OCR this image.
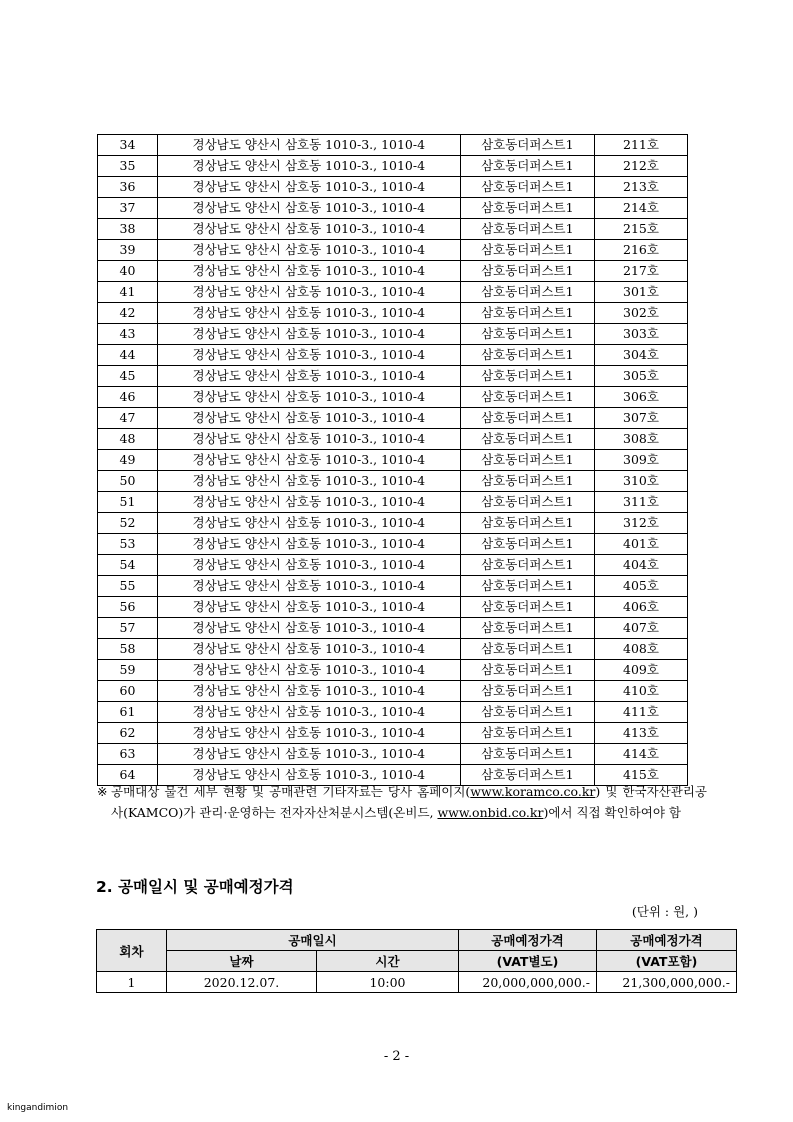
34	경상남도 양산시 삼호동 1010-3., 1010-4	삼호동더퍼스트1	211호
35	경상남도 양산시 삼호동 1010-3., 1010-4	삼호동더퍼스트1	212호
36	경상남도 양산시 삼호동 1010-3., 1010-4	삼호동더퍼스트1	213호
37	경상남도 양산시 삼호동 1010-3., 1010-4	삼호동더퍼스트1	214호
38	경상남도 양산시 삼호동 1010-3., 1010-4	삼호동더퍼스트1	215호
39	경상남도 양산시 삼호동 1010-3., 1010-4	삼호동더퍼스트1	216호
40	경상남도 양산시 삼호동 1010-3., 1010-4	삼호동더퍼스트1	217호
41	경상남도 양산시 삼호동 1010-3., 1010-4	삼호동더퍼스트1	301호
42	경상남도 양산시 삼호동 1010-3., 1010-4	삼호동더퍼스트1	302호
43	경상남도 양산시 삼호동 1010-3., 1010-4	삼호동더퍼스트1	303호
44	경상남도 양산시 삼호동 1010-3., 1010-4	삼호동더퍼스트1	304호
45	경상남도 양산시 삼호동 1010-3., 1010-4	삼호동더퍼스트1	305호
46	경상남도 양산시 삼호동 1010-3., 1010-4	삼호동더퍼스트1	306호
47	경상남도 양산시 삼호동 1010-3., 1010-4	삼호동더퍼스트1	307호
48	경상남도 양산시 삼호동 1010-3., 1010-4	삼호동더퍼스트1	308호
49	경상남도 양산시 삼호동 1010-3., 1010-4	삼호동더퍼스트1	309호
50	경상남도 양산시 삼호동 1010-3., 1010-4	삼호동더퍼스트1	310호
51	경상남도 양산시 삼호동 1010-3., 1010-4	삼호동더퍼스트1	311호
52	경상남도 양산시 삼호동 1010-3., 1010-4	삼호동더퍼스트1	312호
53	경상남도 양산시 삼호동 1010-3., 1010-4	삼호동더퍼스트1	401호
54	경상남도 양산시 삼호동 1010-3., 1010-4	삼호동더퍼스트1	404호
55	경상남도 양산시 삼호동 1010-3., 1010-4	삼호동더퍼스트1	405호
56	경상남도 양산시 삼호동 1010-3., 1010-4	삼호동더퍼스트1	406호
57	경상남도 양산시 삼호동 1010-3., 1010-4	삼호동더퍼스트1	407호
58	경상남도 양산시 삼호동 1010-3., 1010-4	삼호동더퍼스트1	408호
59	경상남도 양산시 삼호동 1010-3., 1010-4	삼호동더퍼스트1	409호
60	경상남도 양산시 삼호동 1010-3., 1010-4	삼호동더퍼스트1	410호
61	경상남도 양산시 삼호동 1010-3., 1010-4	삼호동더퍼스트1	411호
62	경상남도 양산시 삼호동 1010-3., 1010-4	삼호동더퍼스트1	413호
63	경상남도 양산시 삼호동 1010-3., 1010-4	삼호동더퍼스트1	414호
64	경상남도 양산시 삼호동 1010-3., 1010-4	삼호동더퍼스트1	415호
※ 공매대상 물건 세부 현황 및 공매관련 기타자료는 당사 홈페이지(www.koramco.co.kr) 및 한국자산관리공사(KAMCO)가 관리·운영하는 전자자산처분시스템(온비드, www.onbid.co.kr)에서 직접 확인하여야 함
2. 공매일시 및 공매예정가격
(단위 : 원, )
회차	공매일시		공매예정가격	공매예정가격
	날짜	시간	(VAT별도)	(VAT포함)
1	2020.12.07.	10:00	20,000,000,000.-	21,300,000,000.-
- 2 -
kingandimion
